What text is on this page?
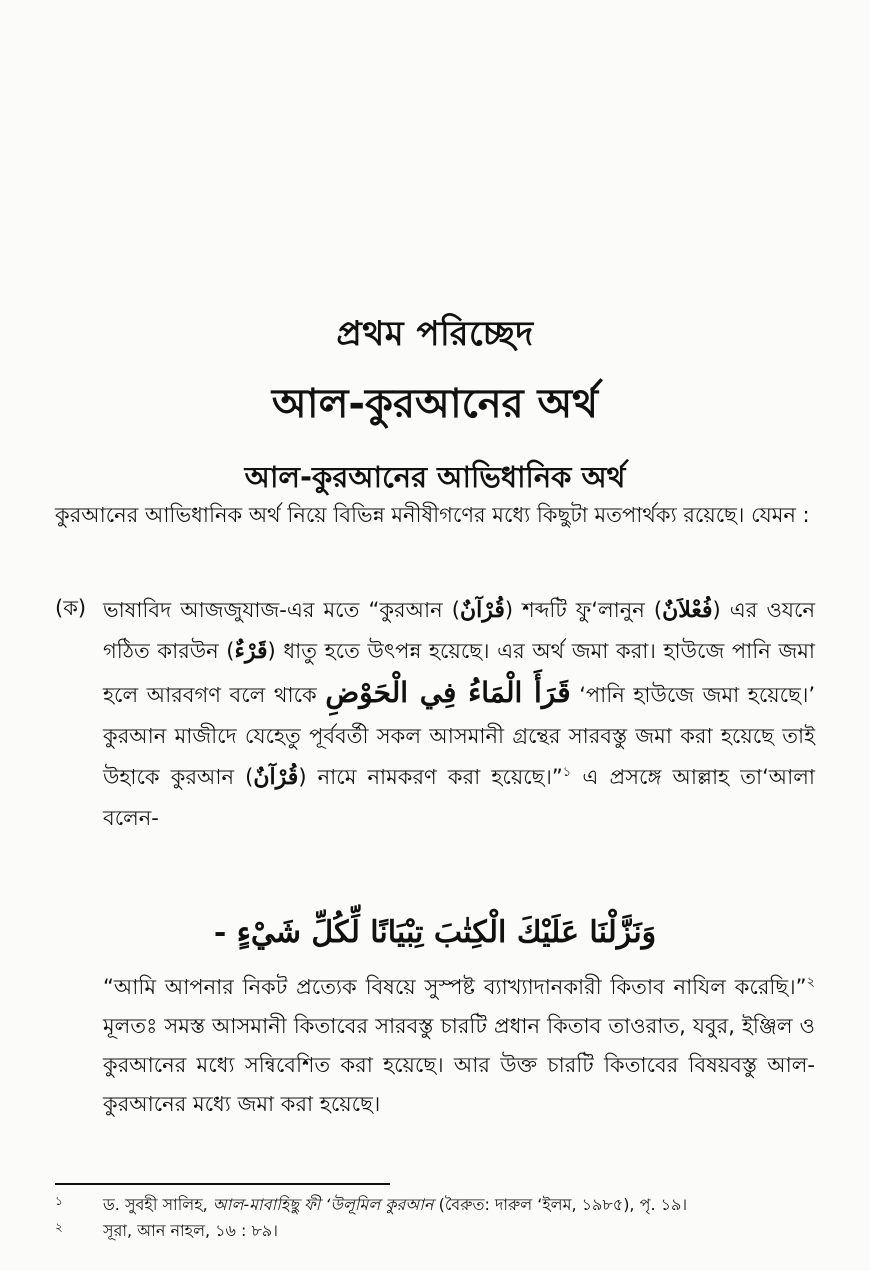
প্রথম পরিচ্ছেদ
আল-কুরআনের অর্থ
আল-কুরআনের আভিধানিক অর্থ
কুরআনের আভিধানিক অর্থ নিয়ে বিভিন্ন মনীষীগণের মধ্যে কিছুটা মতপার্থক্য রয়েছে। যেমন :
(ক) ভাষাবিদ আজজুযাজ-এর মতে “কুরআন (قُرْآنٌ) শব্দটি ফু‘লানুন (فُعْلاَنٌ) এর ওযনে গঠিত কারউন (قَرْءٌ) ধাতু হতে উৎপন্ন হয়েছে। এর অর্থ জমা করা। হাউজে পানি জমা হলে আরবগণ বলে থাকে قَرَأَ الْمَاءُ فِي الْحَوْضِ ‘পানি হাউজে জমা হয়েছে।’ কুরআন মাজীদে যেহেতু পূর্ববর্তী সকল আসমানী গ্রন্থের সারবস্তু জমা করা হয়েছে তাই উহাকে কুরআন (قُرْآنٌ) নামে নামকরণ করা হয়েছে।”$^১$ এ প্রসঙ্গে আল্লাহ তা‘আলা বলেন-
وَنَزَّلْنَا عَلَيْكَ الْكِتٰبَ تِبْيَانًا لِّكُلِّ شَيْءٍ -
“আমি আপনার নিকট প্রত্যেক বিষয়ে সুস্পষ্ট ব্যাখ্যাদানকারী কিতাব নাযিল করেছি।”$^২$ মূলতঃ সমস্ত আসমানী কিতাবের সারবস্তু চারটি প্রধান কিতাব তাওরাত, যবুর, ইঞ্জিল ও কুরআনের মধ্যে সন্বিবেশিত করা হয়েছে। আর উক্ত চারটি কিতাবের বিষয়বস্তু আল-কুরআনের মধ্যে জমা করা হয়েছে।
১	ড. সুবহী সালিহ, আল-মাবাহিছু ফী ‘উলূমিল কুরআন (বৈরুত: দারুল ‘ইলম, ১৯৮৫), পৃ. ১৯।
২	সূরা, আন নাহল, ১৬ : ৮৯।
